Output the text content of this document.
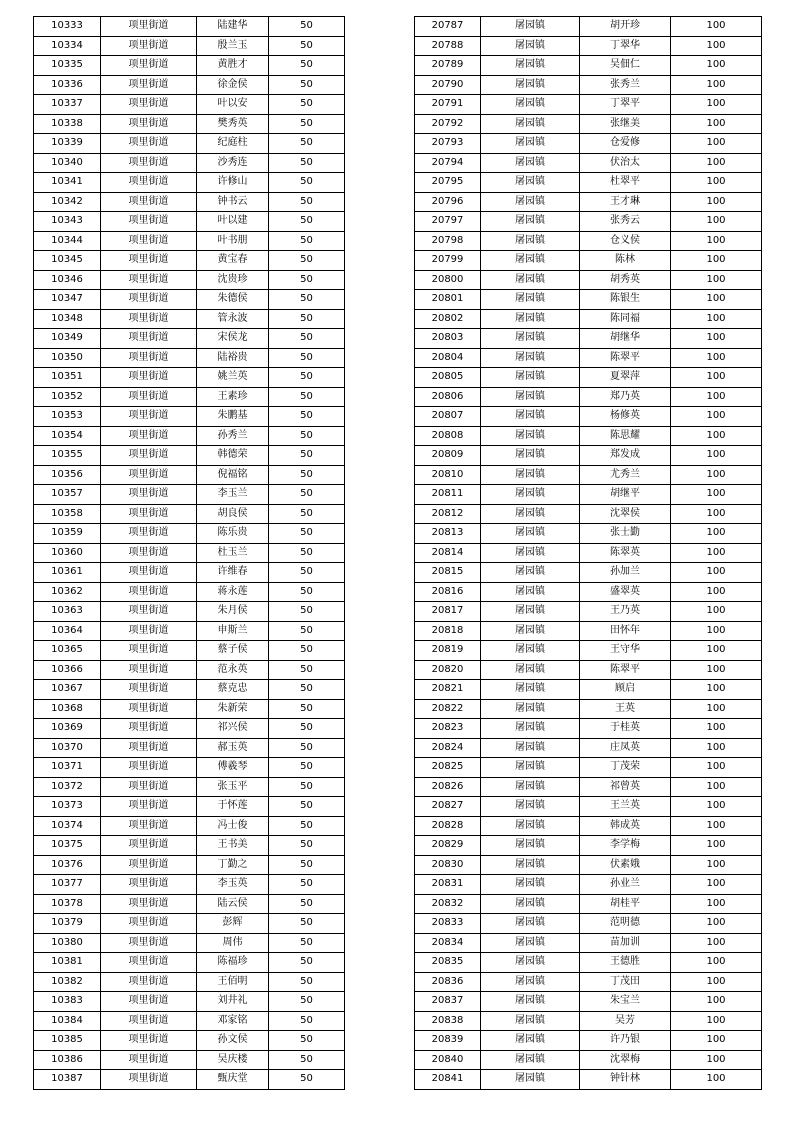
10333	项里街道	陆建华	50
10334	项里街道	殷兰玉	50
10335	项里街道	黄胜才	50
10336	项里街道	徐金侯	50
10337	项里街道	叶以安	50
10338	项里街道	樊秀英	50
10339	项里街道	纪庭柱	50
10340	项里街道	沙秀连	50
10341	项里街道	许修山	50
10342	项里街道	钟书云	50
10343	项里街道	叶以建	50
10344	项里街道	叶书朋	50
10345	项里街道	黄宝春	50
10346	项里街道	沈贵珍	50
10347	项里街道	朱德侯	50
10348	项里街道	管永波	50
10349	项里街道	宋侯龙	50
10350	项里街道	陆裕贵	50
10351	项里街道	姚兰英	50
10352	项里街道	王素珍	50
10353	项里街道	朱鹏基	50
10354	项里街道	孙秀兰	50
10355	项里街道	韩德荣	50
10356	项里街道	倪福铭	50
10357	项里街道	李玉兰	50
10358	项里街道	胡良侯	50
10359	项里街道	陈乐贵	50
10360	项里街道	杜玉兰	50
10361	项里街道	许维春	50
10362	项里街道	蒋永莲	50
10363	项里街道	朱月侯	50
10364	项里街道	申斯兰	50
10365	项里街道	蔡子侯	50
10366	项里街道	范永英	50
10367	项里街道	蔡克忠	50
10368	项里街道	朱新荣	50
10369	项里街道	祁兴侯	50
10370	项里街道	郝玉英	50
10371	项里街道	傅羲琴	50
10372	项里街道	张玉平	50
10373	项里街道	于怀莲	50
10374	项里街道	冯士俊	50
10375	项里街道	王书美	50
10376	项里街道	丁勤之	50
10377	项里街道	李玉英	50
10378	项里街道	陆云侯	50
10379	项里街道	彭辉	50
10380	项里街道	周伟	50
10381	项里街道	陈福珍	50
10382	项里街道	王佰明	50
10383	项里街道	刘井礼	50
10384	项里街道	邓家铭	50
10385	项里街道	孙文侯	50
10386	项里街道	吴庆楼	50
10387	项里街道	甄庆堂	50
20787	屠园镇	胡开珍	100
20788	屠园镇	丁翠华	100
20789	屠园镇	吴佃仁	100
20790	屠园镇	张秀兰	100
20791	屠园镇	丁翠平	100
20792	屠园镇	张继美	100
20793	屠园镇	仓爱修	100
20794	屠园镇	伏治太	100
20795	屠园镇	杜翠平	100
20796	屠园镇	王才琳	100
20797	屠园镇	张秀云	100
20798	屠园镇	仓义侯	100
20799	屠园镇	陈林	100
20800	屠园镇	胡秀英	100
20801	屠园镇	陈银生	100
20802	屠园镇	陈同福	100
20803	屠园镇	胡继华	100
20804	屠园镇	陈翠平	100
20805	屠园镇	夏翠萍	100
20806	屠园镇	郑乃英	100
20807	屠园镇	杨修英	100
20808	屠园镇	陈思耀	100
20809	屠园镇	郑发成	100
20810	屠园镇	尤秀兰	100
20811	屠园镇	胡继平	100
20812	屠园镇	沈翠侯	100
20813	屠园镇	张士勤	100
20814	屠园镇	陈翠英	100
20815	屠园镇	孙加兰	100
20816	屠园镇	盛翠英	100
20817	屠园镇	王乃英	100
20818	屠园镇	田怀年	100
20819	屠园镇	王守华	100
20820	屠园镇	陈翠平	100
20821	屠园镇	顾启	100
20822	屠园镇	王英	100
20823	屠园镇	于桂英	100
20824	屠园镇	庄凤英	100
20825	屠园镇	丁茂荣	100
20826	屠园镇	祁曾英	100
20827	屠园镇	王兰英	100
20828	屠园镇	韩成英	100
20829	屠园镇	李学梅	100
20830	屠园镇	伏素娥	100
20831	屠园镇	孙业兰	100
20832	屠园镇	胡桂平	100
20833	屠园镇	范明德	100
20834	屠园镇	苗加训	100
20835	屠园镇	王德胜	100
20836	屠园镇	丁茂田	100
20837	屠园镇	朱宝兰	100
20838	屠园镇	吴芳	100
20839	屠园镇	许乃银	100
20840	屠园镇	沈翠梅	100
20841	屠园镇	钟针林	100
